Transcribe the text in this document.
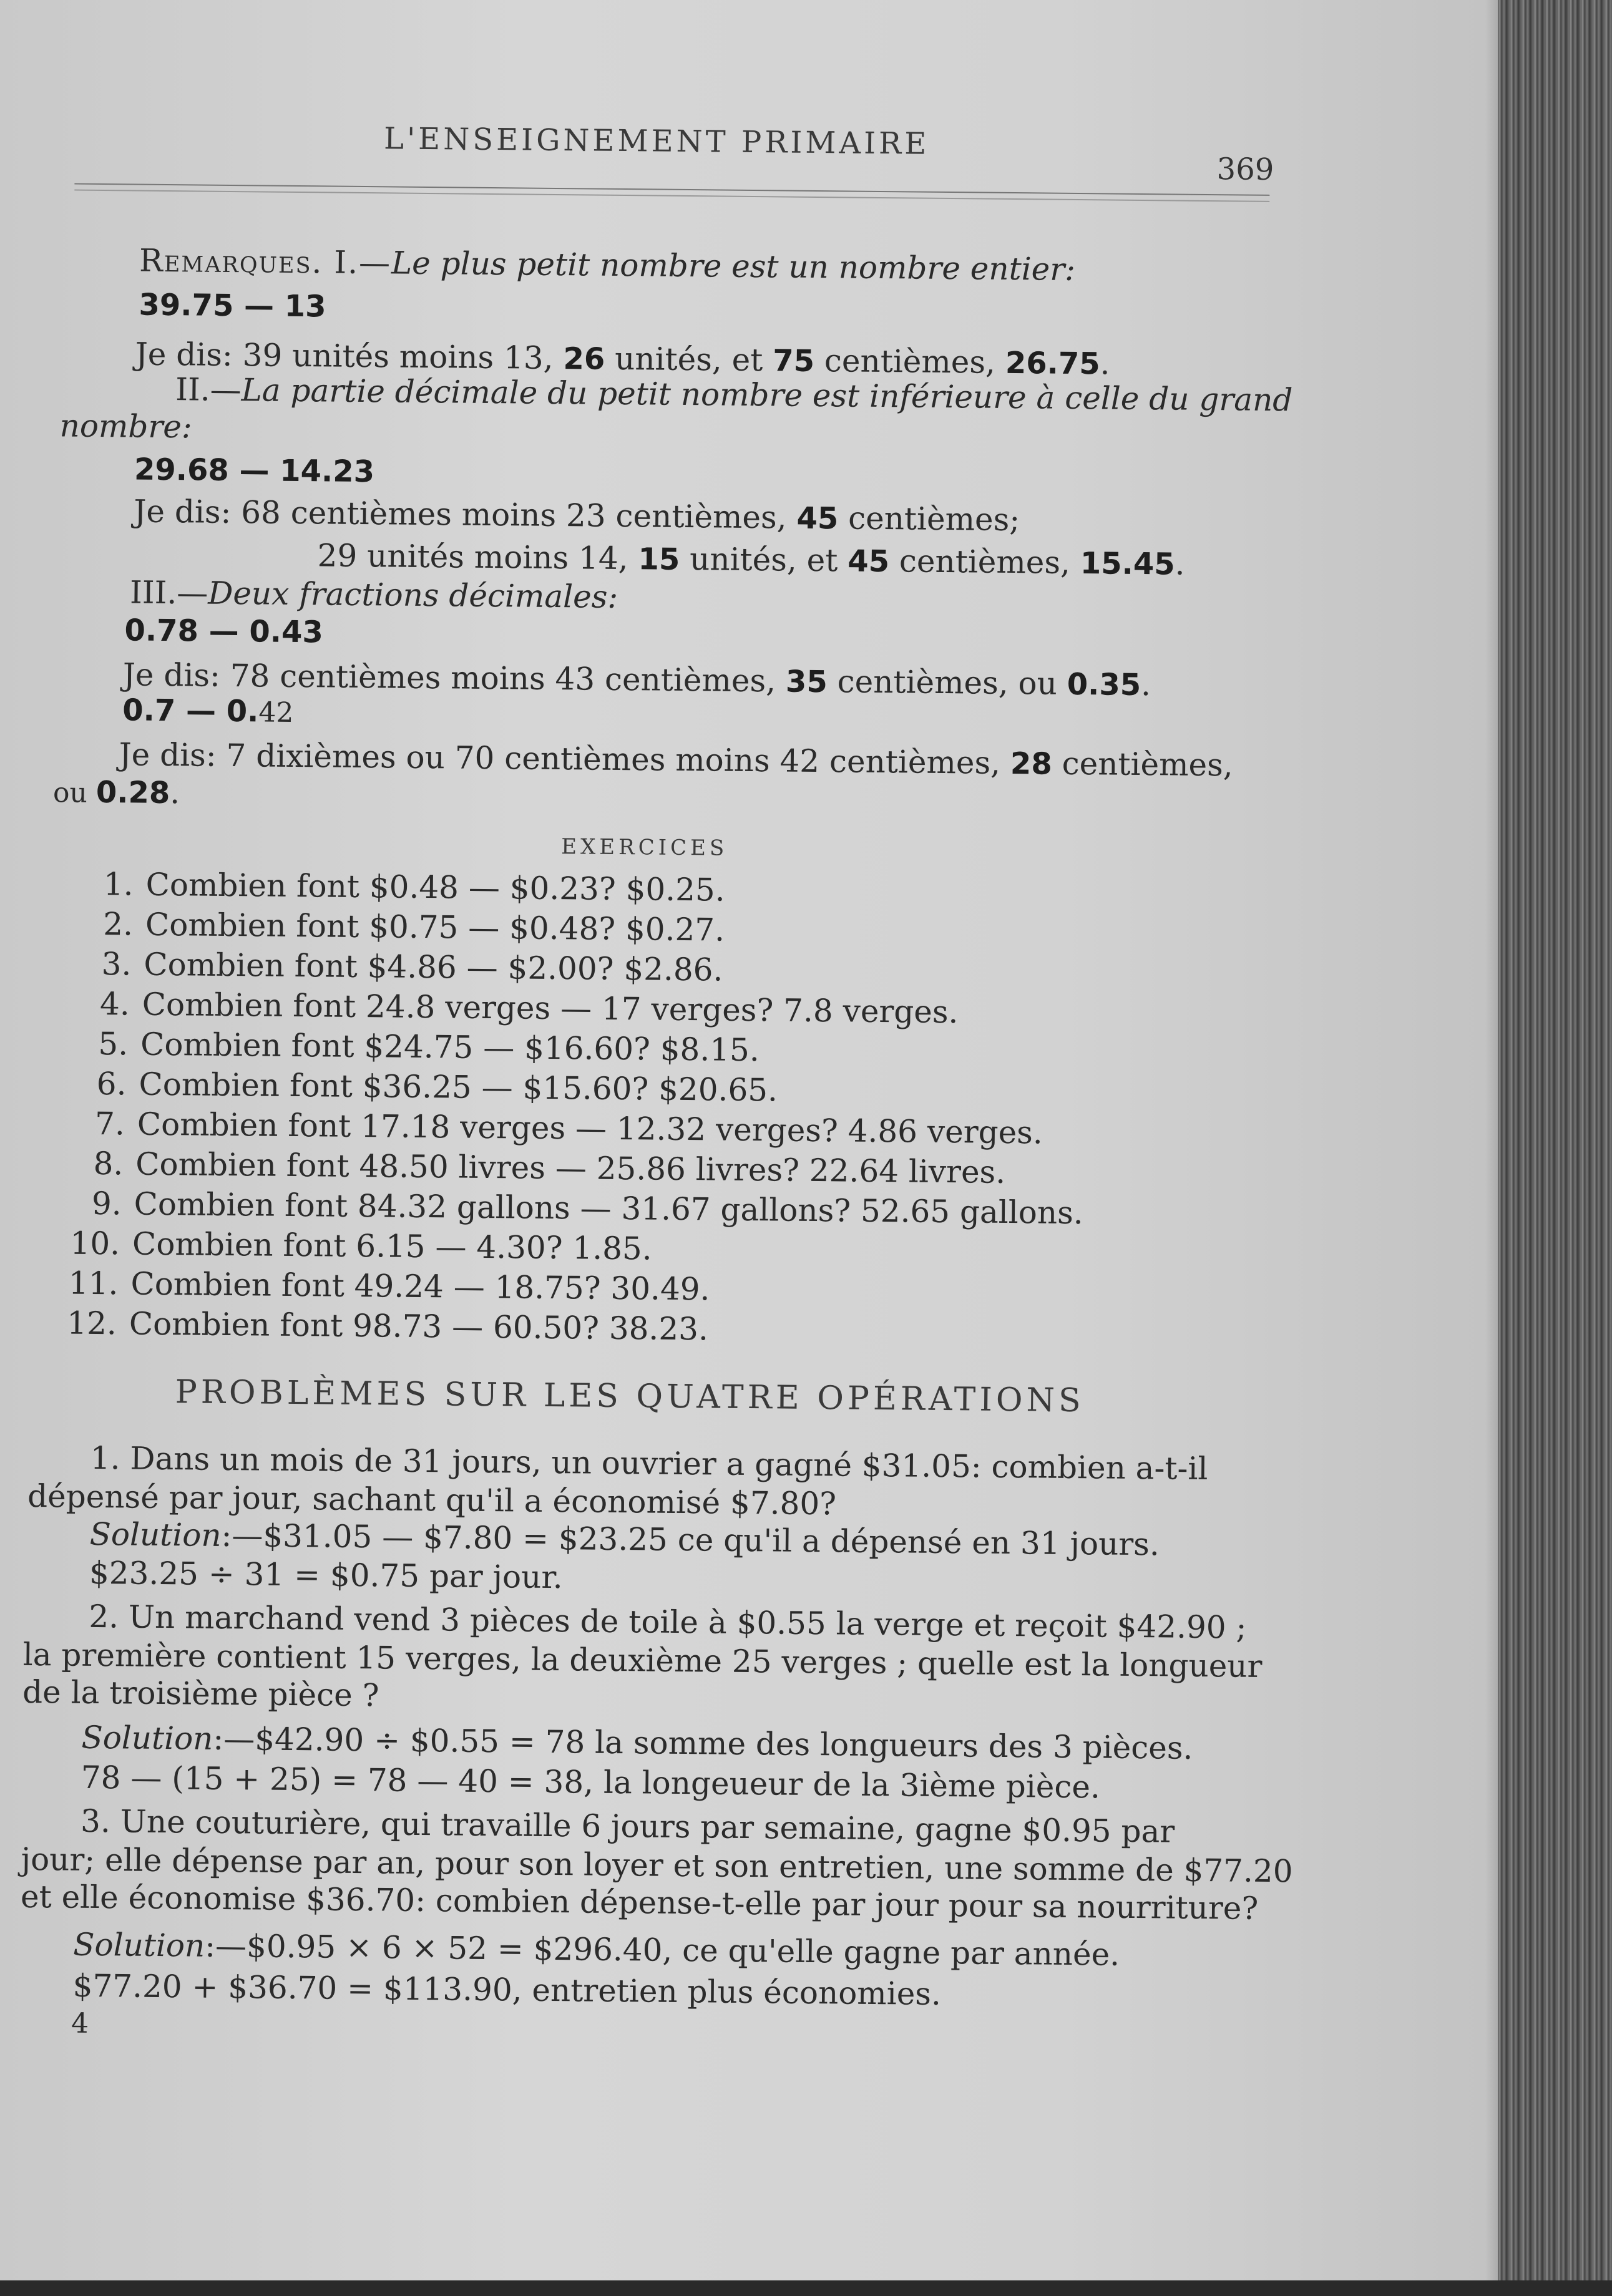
L'ENSEIGNEMENT PRIMAIRE
369
Remarques. I.—Le plus petit nombre est un nombre entier:
39.75 — 13
Je dis: 39 unités moins 13, 26 unités, et 75 centièmes, 26.75.
II.—La partie décimale du petit nombre est inférieure à celle du grand
nombre:
29.68 — 14.23
Je dis: 68 centièmes moins 23 centièmes, 45 centièmes;
29 unités moins 14, 15 unités, et 45 centièmes, 15.45.
III.—Deux fractions décimales:
0.78 — 0.43
Je dis: 78 centièmes moins 43 centièmes, 35 centièmes, ou 0.35.
0.7 — 0.42
Je dis: 7 dixièmes ou 70 centièmes moins 42 centièmes, 28 centièmes,
ou 0.28.
EXERCICES
1. Combien font $0.48 — $0.23? $0.25.
2. Combien font $0.75 — $0.48? $0.27.
3. Combien font $4.86 — $2.00? $2.86.
4. Combien font 24.8 verges — 17 verges? 7.8 verges.
5. Combien font $24.75 — $16.60? $8.15.
6. Combien font $36.25 — $15.60? $20.65.
7. Combien font 17.18 verges — 12.32 verges? 4.86 verges.
8. Combien font 48.50 livres — 25.86 livres? 22.64 livres.
9. Combien font 84.32 gallons — 31.67 gallons? 52.65 gallons.
10. Combien font 6.15 — 4.30? 1.85.
11. Combien font 49.24 — 18.75? 30.49.
12. Combien font 98.73 — 60.50? 38.23.
PROBLÈMES SUR LES QUATRE OPÉRATIONS
1. Dans un mois de 31 jours, un ouvrier a gagné $31.05: combien a-t-il
dépensé par jour, sachant qu'il a économisé $7.80?
Solution:—$31.05 — $7.80 = $23.25 ce qu'il a dépensé en 31 jours.
$23.25 ÷ 31 = $0.75 par jour.
2. Un marchand vend 3 pièces de toile à $0.55 la verge et reçoit $42.90 ;
la première contient 15 verges, la deuxième 25 verges ; quelle est la longueur
de la troisième pièce ?
Solution:—$42.90 ÷ $0.55 = 78 la somme des longueurs des 3 pièces.
78 — (15 + 25) = 78 — 40 = 38, la longeueur de la 3ième pièce.
3. Une couturière, qui travaille 6 jours par semaine, gagne $0.95 par
jour; elle dépense par an, pour son loyer et son entretien, une somme de $77.20
et elle économise $36.70: combien dépense-t-elle par jour pour sa nourriture?
Solution:—$0.95 × 6 × 52 = $296.40, ce qu'elle gagne par année.
$77.20 + $36.70 = $113.90, entretien plus économies.
4
